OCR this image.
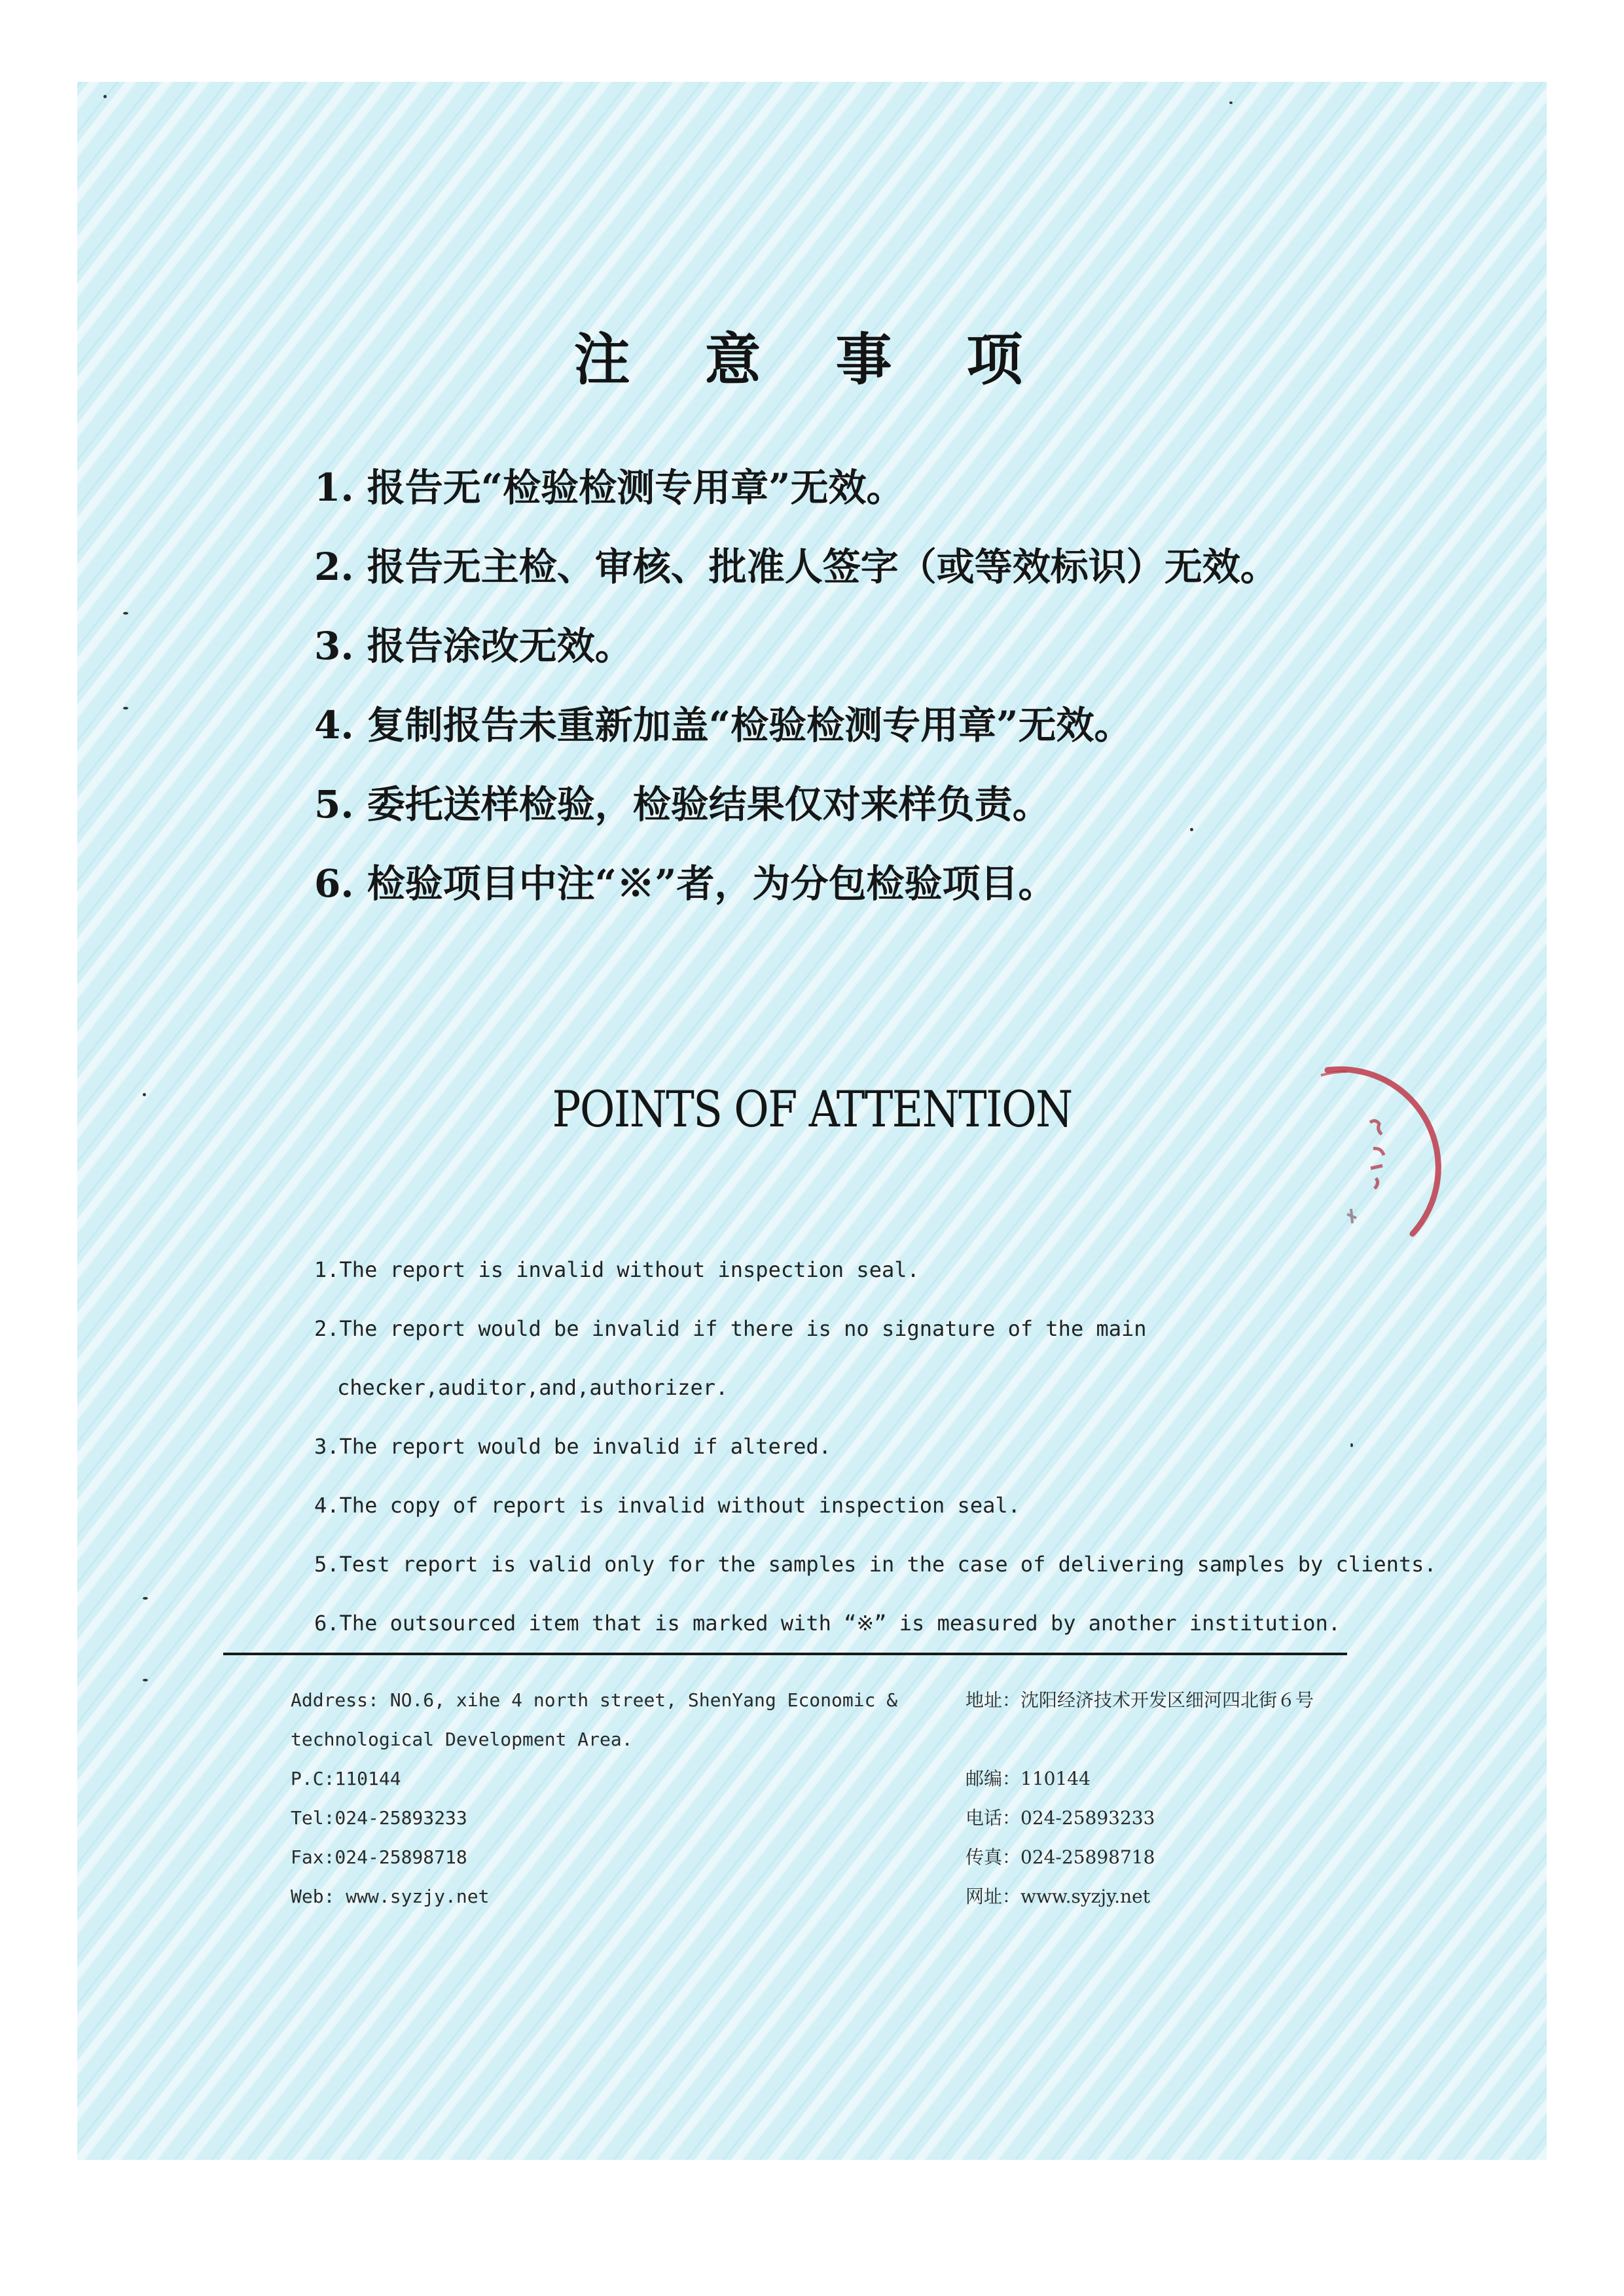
注 意 事 项
1. 报告无“检验检测专用章”无效。
2. 报告无主检、审核、批准人签字（或等效标识）无效。
3. 报告涂改无效。
4. 复制报告未重新加盖“检验检测专用章”无效。
5. 委托送样检验，检验结果仅对来样负责。
6. 检验项目中注“※”者，为分包检验项目。
POINTS OF ATTENTION
1.The report is invalid without inspection seal.
2.The report would be invalid if there is no signature of the main
checker,auditor,and,authorizer.
3.The report would be invalid if altered.
4.The copy of report is invalid without inspection seal.
5.Test report is valid only for the samples in the case of delivering samples by clients.
6.The outsourced item that is marked with “※” is measured by another institution.
Address: NO.6, xihe 4 north street, ShenYang Economic &
technological Development Area.
P.C:110144
Tel:024-25893233
Fax:024-25898718
Web: www.syzjy.net
地址：沈阳经济技术开发区细河四北街６号
邮编：110144
电话：024-25893233
传真：024-25898718
网址：www.syzjy.net
